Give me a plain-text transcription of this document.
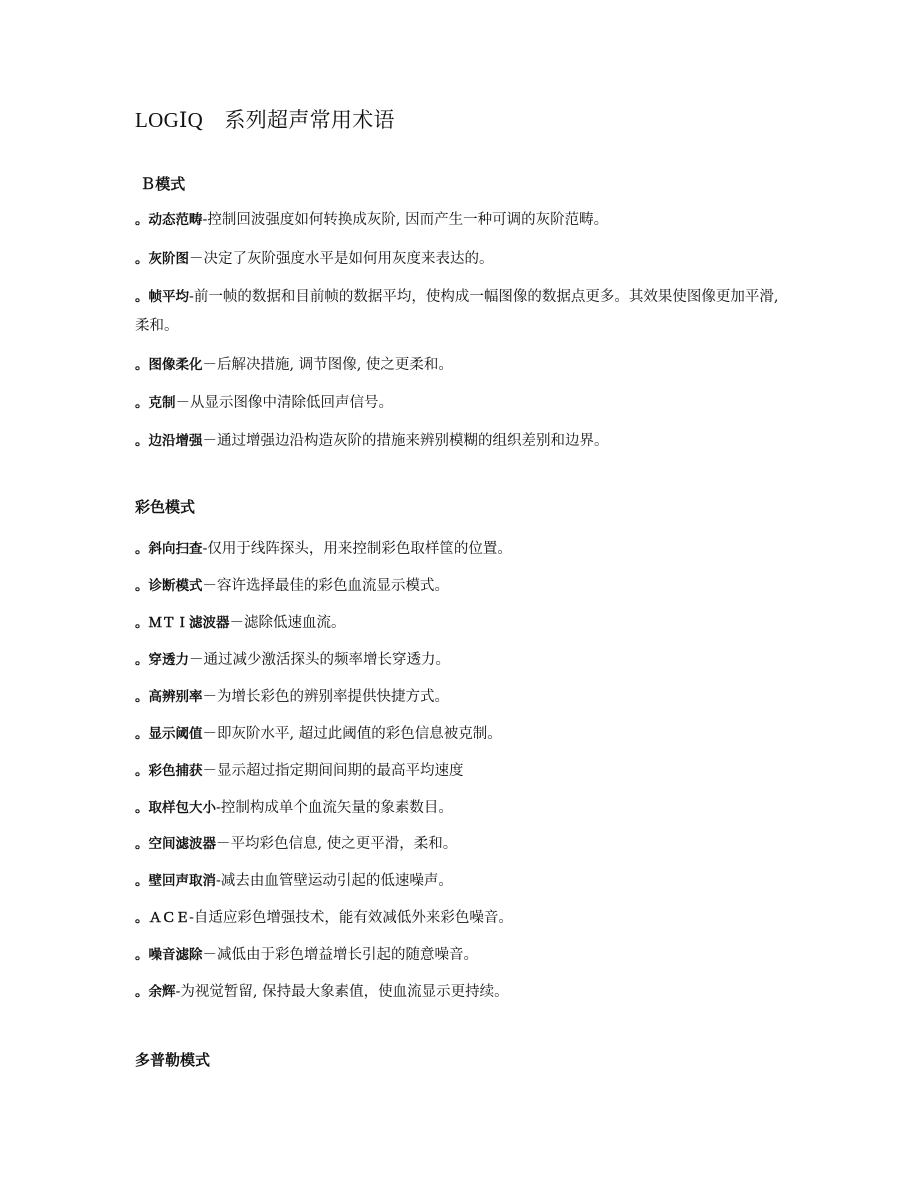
LOGⅠQ　系列超声常用术语
Ｂ模式
。动态范畴-控制回波强度如何转换成灰阶, 因而产生一种可调的灰阶范畴。
。灰阶图－决定了灰阶强度水平是如何用灰度来表达的。
。帧平均-前一帧的数据和目前帧的数据平均，使构成一幅图像的数据点更多。其效果使图像更加平滑, 柔和。
。图像柔化－后解决措施, 调节图像, 使之更柔和。
。克制－从显示图像中清除低回声信号。
。边沿增强－通过增强边沿构造灰阶的措施来辨别模糊的组织差别和边界。
彩色模式
。斜向扫查-仅用于线阵探头，用来控制彩色取样筐的位置。
。诊断模式－容许选择最佳的彩色血流显示模式。
。ＭＴＩ滤波器－滤除低速血流。
。穿透力－通过减少激活探头的频率增长穿透力。
。高辨别率－为增长彩色的辨别率提供快捷方式。
。显示阈值－即灰阶水平, 超过此阈值的彩色信息被克制。
。彩色捕获－显示超过指定期间间期的最高平均速度
。取样包大小-控制构成单个血流矢量的象素数目。
。空间滤波器－平均彩色信息, 使之更平滑，柔和。
。壁回声取消-减去由血管壁运动引起的低速噪声。
。ＡＣＥ-自适应彩色增强技术，能有效减低外来彩色噪音。
。噪音滤除－减低由于彩色增益增长引起的随意噪音。
。余辉-为视觉暂留, 保持最大象素值，使血流显示更持续。
多普勒模式
